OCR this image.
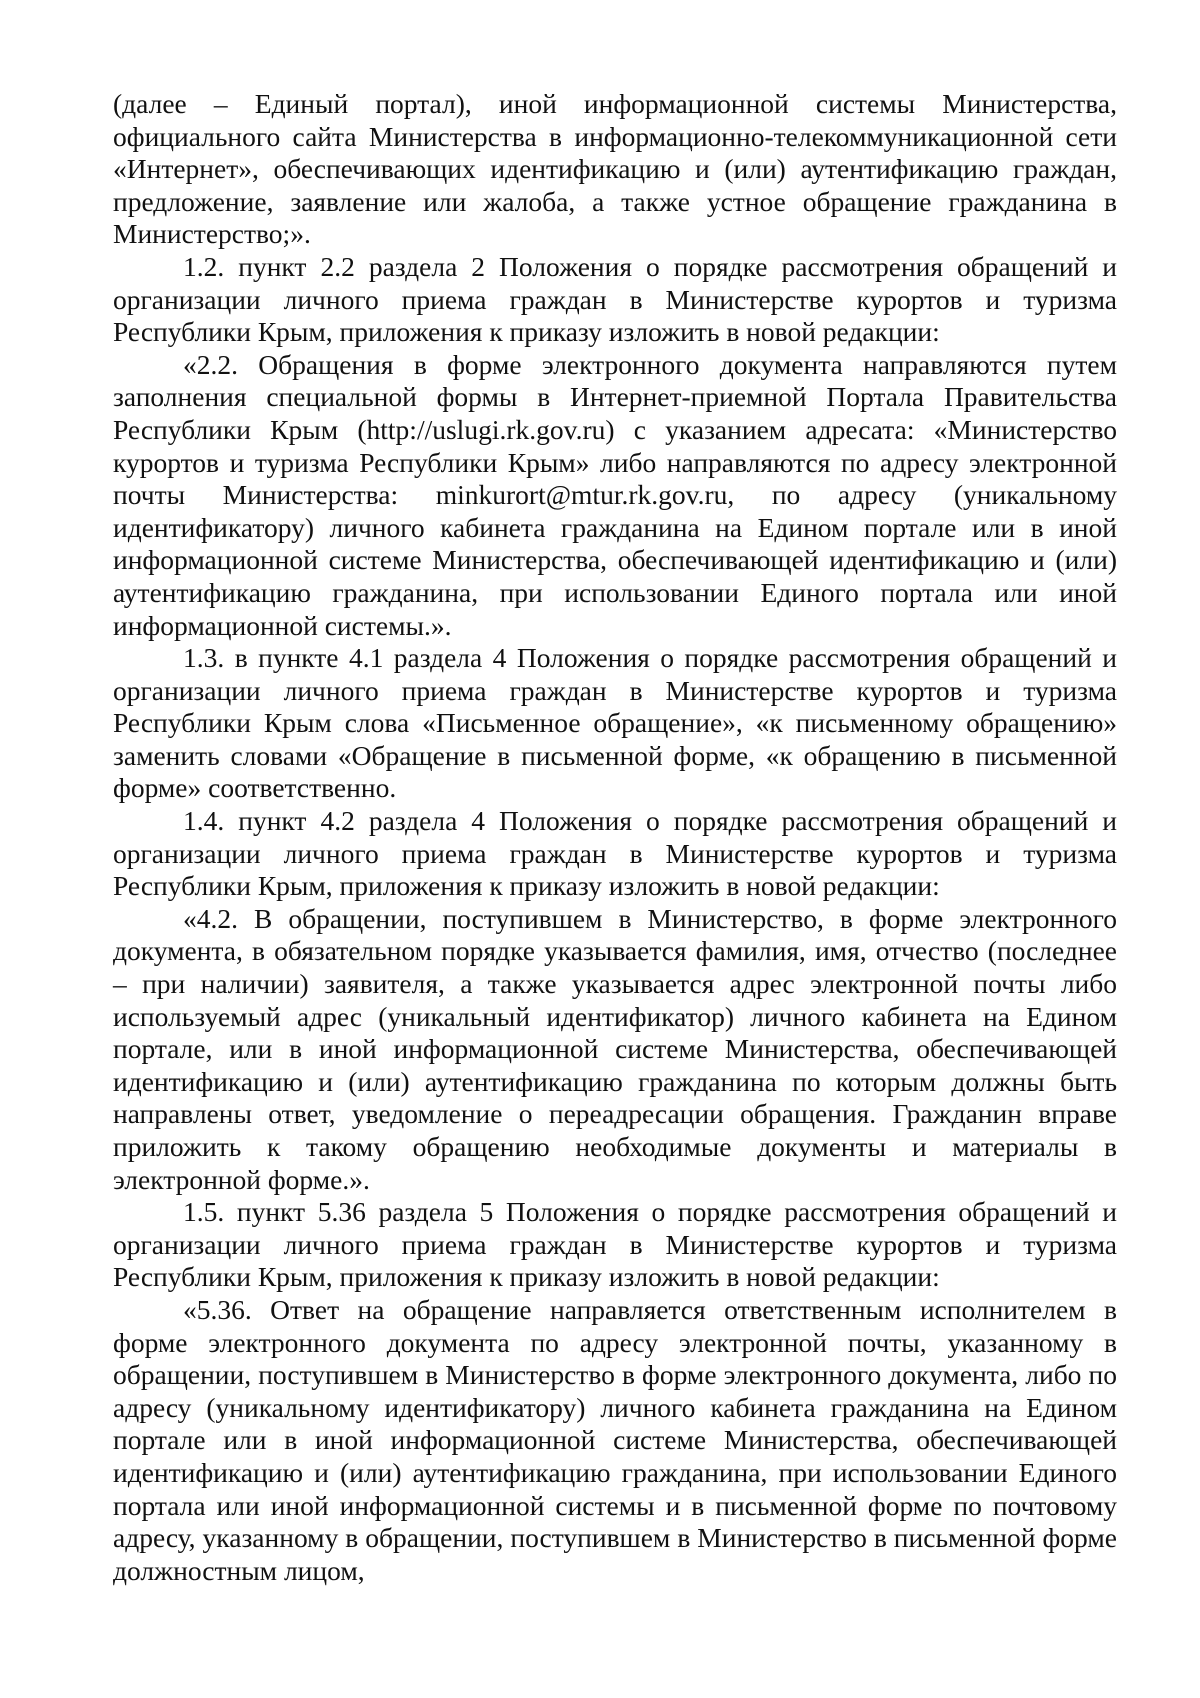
(далее – Единый портал), иной информационной системы Министерства, официального сайта Министерства в информационно-телекоммуникационной сети «Интернет», обеспечивающих идентификацию и (или) аутентификацию граждан, предложение, заявление или жалоба, а также устное обращение гражданина в Министерство;».

1.2. пункт 2.2 раздела 2 Положения о порядке рассмотрения обращений и организации личного приема граждан в Министерстве курортов и туризма Республики Крым, приложения к приказу изложить в новой редакции:

«2.2. Обращения в форме электронного документа направляются путем заполнения специальной формы в Интернет-приемной Портала Правительства Республики Крым (http://uslugi.rk.gov.ru) с указанием адресата: «Министерство курортов и туризма Республики Крым» либо направляются по адресу электронной почты Министерства: minkurort@mtur.rk.gov.ru, по адресу (уникальному идентификатору) личного кабинета гражданина на Едином портале или в иной информационной системе Министерства, обеспечивающей идентификацию и (или) аутентификацию гражданина, при использовании Единого портала или иной информационной системы.».

1.3. в пункте 4.1 раздела 4 Положения о порядке рассмотрения обращений и организации личного приема граждан в Министерстве курортов и туризма Республики Крым слова «Письменное обращение», «к письменному обращению» заменить словами «Обращение в письменной форме, «к обращению в письменной форме» соответственно.

1.4. пункт 4.2 раздела 4 Положения о порядке рассмотрения обращений и организации личного приема граждан в Министерстве курортов и туризма Республики Крым, приложения к приказу изложить в новой редакции:

«4.2. В обращении, поступившем в Министерство, в форме электронного документа, в обязательном порядке указывается фамилия, имя, отчество (последнее – при наличии) заявителя, а также указывается адрес электронной почты либо используемый адрес (уникальный идентификатор) личного кабинета на Едином портале, или в иной информационной системе Министерства, обеспечивающей идентификацию и (или) аутентификацию гражданина по которым должны быть направлены ответ, уведомление о переадресации обращения. Гражданин вправе приложить к такому обращению необходимые документы и материалы в электронной форме.».

1.5. пункт 5.36 раздела 5 Положения о порядке рассмотрения обращений и организации личного приема граждан в Министерстве курортов и туризма Республики Крым, приложения к приказу изложить в новой редакции:

«5.36. Ответ на обращение направляется ответственным исполнителем в форме электронного документа по адресу электронной почты, указанному в обращении, поступившем в Министерство в форме электронного документа, либо по адресу (уникальному идентификатору) личного кабинета гражданина на Едином портале или в иной информационной системе Министерства, обеспечивающей идентификацию и (или) аутентификацию гражданина, при использовании Единого портала или иной информационной системы и в письменной форме по почтовому адресу, указанному в обращении, поступившем в Министерство в письменной форме должностным лицом,
